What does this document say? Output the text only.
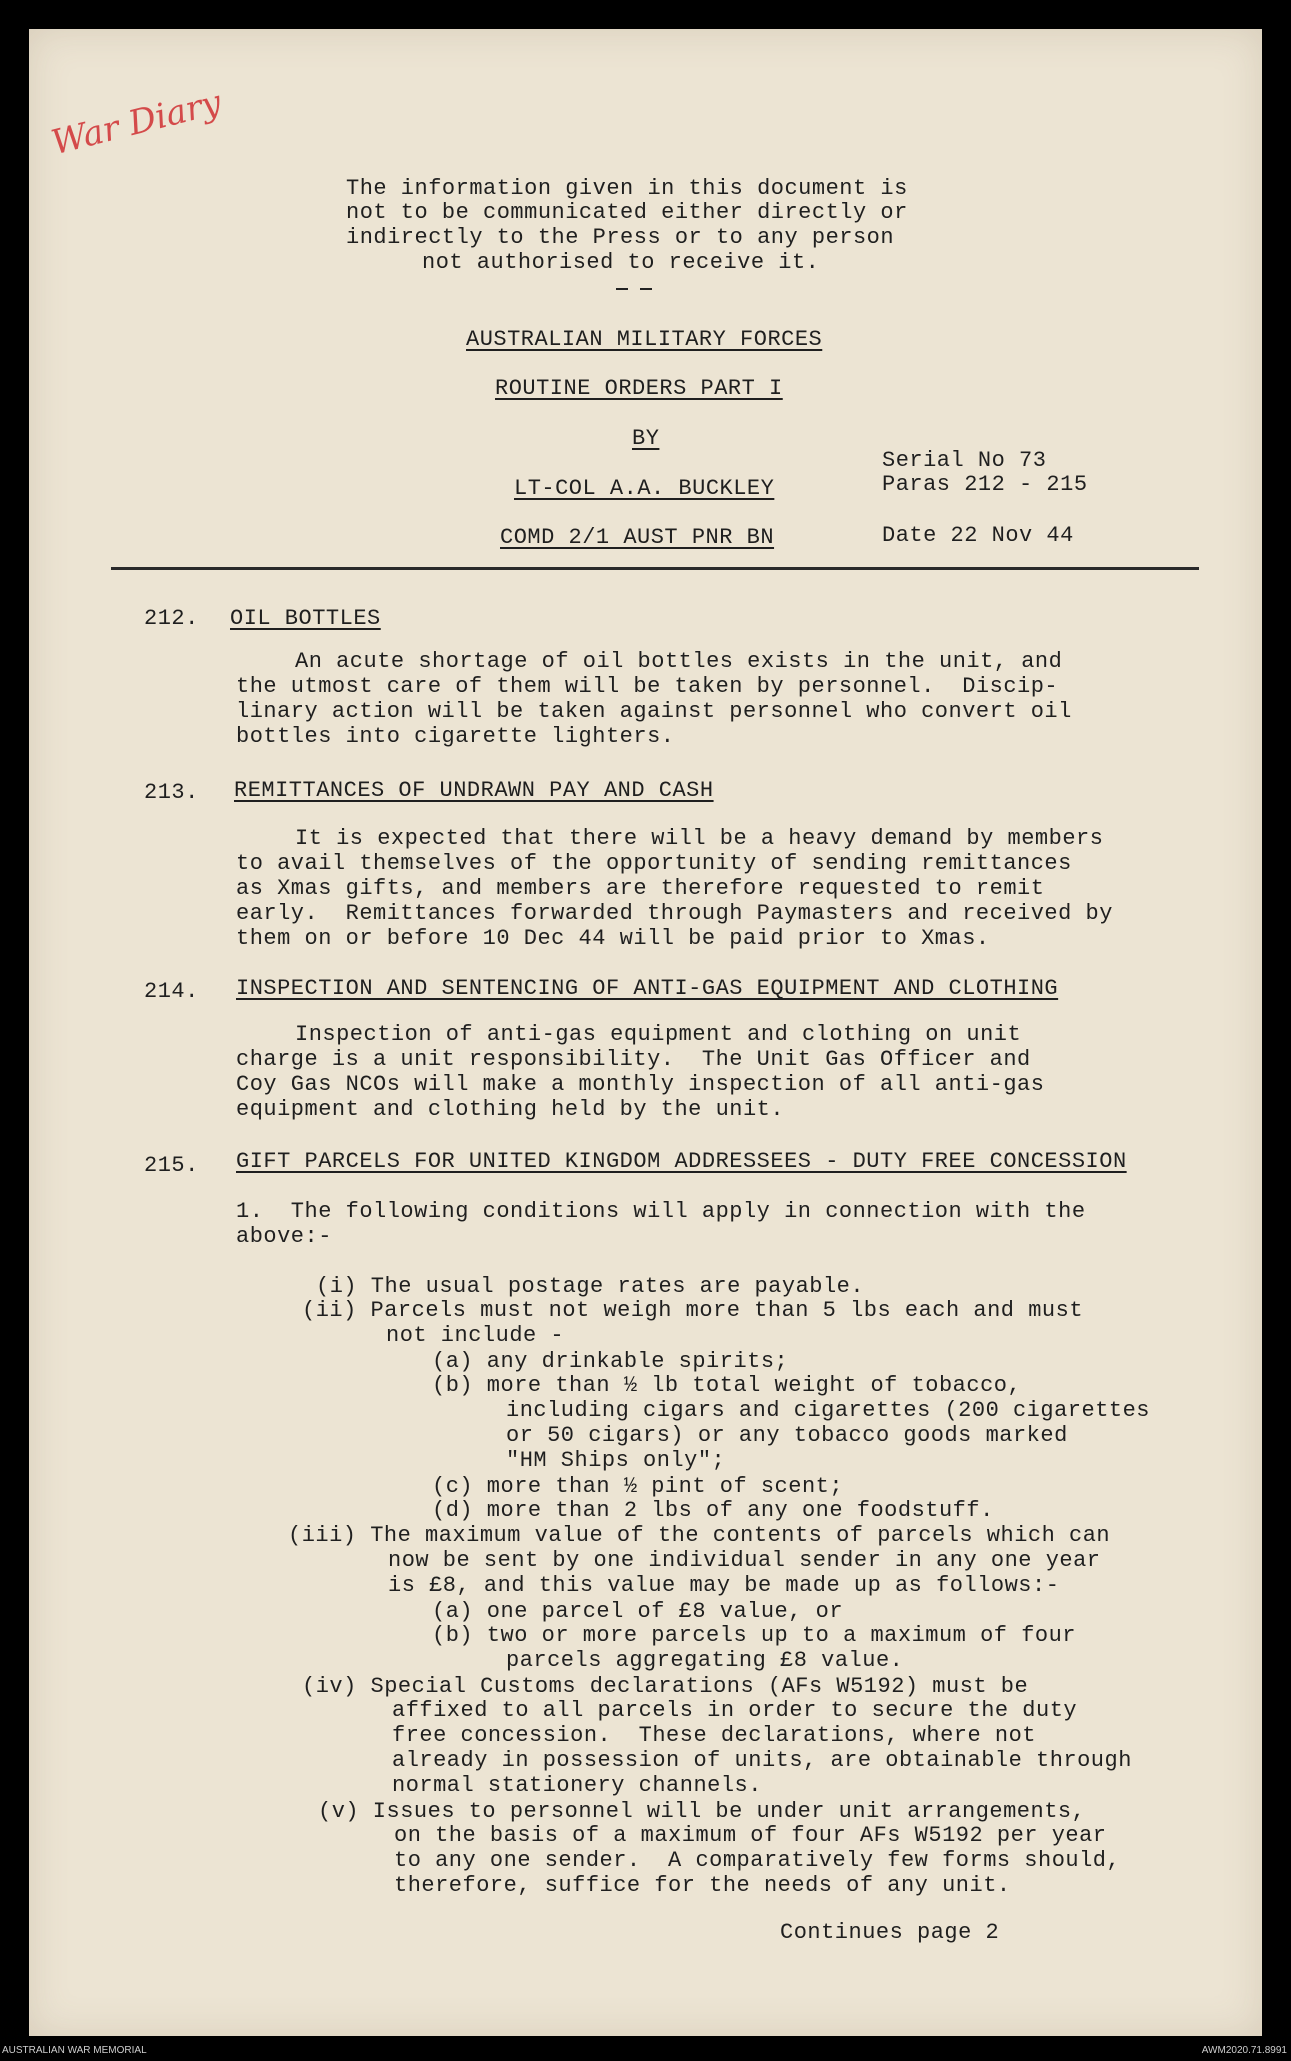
War Diary
The information given in this document is
not to be communicated either directly or
indirectly to the Press or to any person
not authorised to receive it.
AUSTRALIAN MILITARY FORCES
ROUTINE ORDERS PART I
BY
LT-COL A.A. BUCKLEY
COMD 2/1 AUST PNR BN
Serial No 73
Paras 212 - 215
Date 22 Nov 44
212. OIL BOTTLES
An acute shortage of oil bottles exists in the unit, and
the utmost care of them will be taken by personnel.  Discip-
linary action will be taken against personnel who convert oil
bottles into cigarette lighters.
213. REMITTANCES OF UNDRAWN PAY AND CASH
It is expected that there will be a heavy demand by members
to avail themselves of the opportunity of sending remittances
as Xmas gifts, and members are therefore requested to remit
early.  Remittances forwarded through Paymasters and received by
them on or before 10 Dec 44 will be paid prior to Xmas.
214. INSPECTION AND SENTENCING OF ANTI-GAS EQUIPMENT AND CLOTHING
Inspection of anti-gas equipment and clothing on unit
charge is a unit responsibility.  The Unit Gas Officer and
Coy Gas NCOs will make a monthly inspection of all anti-gas
equipment and clothing held by the unit.
215. GIFT PARCELS FOR UNITED KINGDOM ADDRESSEES - DUTY FREE CONCESSION
1.  The following conditions will apply in connection with the
above:-
(i) The usual postage rates are payable.
(ii) Parcels must not weigh more than 5 lbs each and must
not include -
(a) any drinkable spirits;
(b) more than ½ lb total weight of tobacco,
including cigars and cigarettes (200 cigarettes
or 50 cigars) or any tobacco goods marked
"HM Ships only";
(c) more than ½ pint of scent;
(d) more than 2 lbs of any one foodstuff.
(iii) The maximum value of the contents of parcels which can
now be sent by one individual sender in any one year
is £8, and this value may be made up as follows:-
(a) one parcel of £8 value, or
(b) two or more parcels up to a maximum of four
parcels aggregating £8 value.
(iv) Special Customs declarations (AFs W5192) must be
affixed to all parcels in order to secure the duty
free concession.  These declarations, where not
already in possession of units, are obtainable through
normal stationery channels.
(v) Issues to personnel will be under unit arrangements,
on the basis of a maximum of four AFs W5192 per year
to any one sender.  A comparatively few forms should,
therefore, suffice for the needs of any unit.
Continues page 2
AUSTRALIAN WAR MEMORIAL	AWM2020.71.8991
